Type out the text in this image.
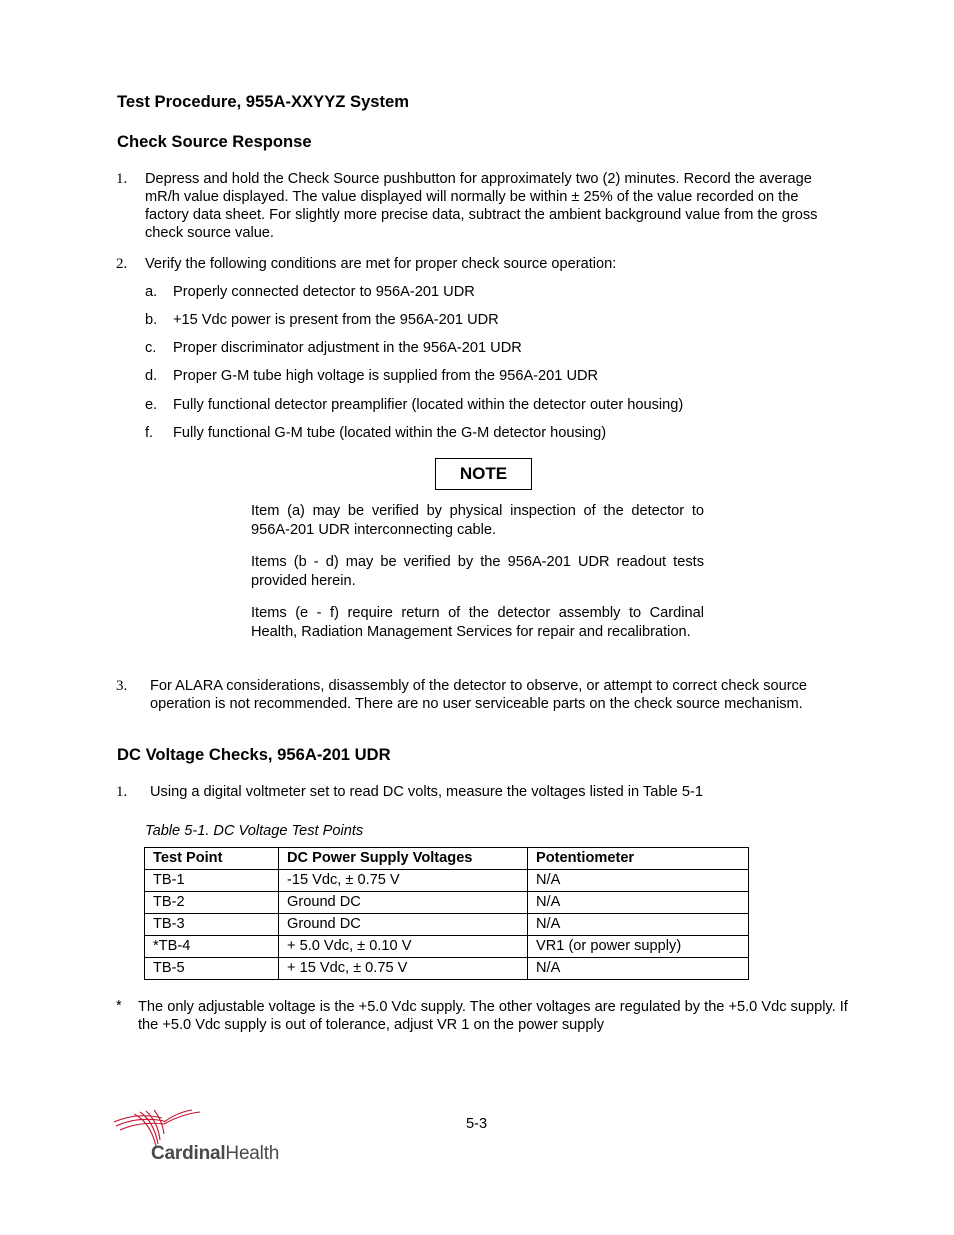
Test Procedure, 955A-XXYYZ System
Check Source Response
1. Depress and hold the Check Source pushbutton for approximately two (2) minutes. Record the average mR/h value displayed. The value displayed will normally be within ± 25% of the value recorded on the factory data sheet. For slightly more precise data, subtract the ambient background value from the gross check source value.

2. Verify the following conditions are met for proper check source operation:

a. Properly connected detector to 956A-201 UDR
b. +15 Vdc power is present from the 956A-201 UDR
c. Proper discriminator adjustment in the 956A-201 UDR
d. Proper G-M tube high voltage is supplied from the 956A-201 UDR
e. Fully functional detector preamplifier (located within the detector outer housing)
f. Fully functional G-M tube (located within the G-M detector housing)
NOTE

Item (a) may be verified by physical inspection of the detector to 956A-201 UDR interconnecting cable.

Items (b - d) may be verified by the 956A-201 UDR readout tests provided herein.

Items (e - f) require return of the detector assembly to Cardinal Health, Radiation Management Services for repair and recalibration.

3. For ALARA considerations, disassembly of the detector to observe, or attempt to correct check source operation is not recommended. There are no user serviceable parts on the check source mechanism.

DC Voltage Checks, 956A-201 UDR
1. Using a digital voltmeter set to read DC volts, measure the voltages listed in Table 5-1

Table 5-1. DC Voltage Test Points
Test Point	DC Power Supply Voltages	Potentiometer
TB-1	-15 Vdc, ± 0.75 V	N/A
TB-2	Ground DC	N/A
TB-3	Ground DC	N/A
*TB-4	+ 5.0 Vdc, ± 0.10 V	VR1 (or power supply)
TB-5	+ 15 Vdc, ± 0.75 V	N/A
* The only adjustable voltage is the +5.0 Vdc supply. The other voltages are regulated by the +5.0 Vdc supply. If the +5.0 Vdc supply is out of tolerance, adjust VR 1 on the power supply

5-3
CardinalHealth
